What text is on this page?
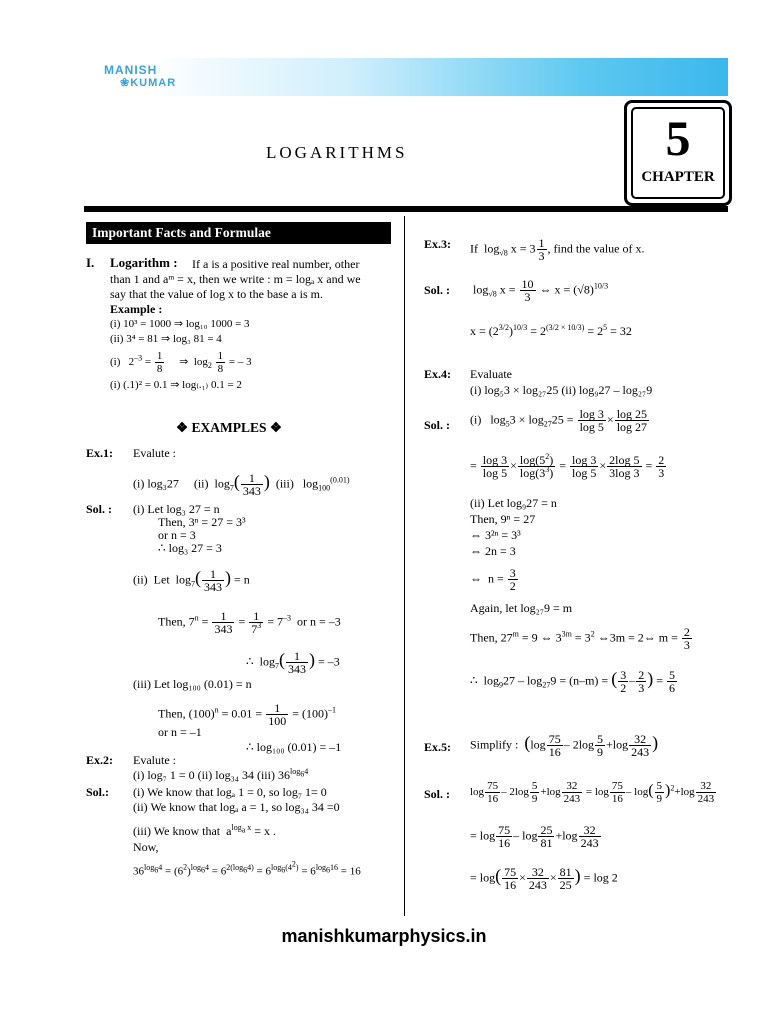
MANISH
❀KUMAR
LOGARITHMS	5
CHAPTER
Important Facts and Formulae
I. Logarithm : If a is a positive real number, other
than 1 and aᵐ = x, then we write : m = logₐ x and we
say that the value of log x to the base a is m.
Example :
(i) 10³ = 1000 ⇒ log₁₀ 1000 = 3
(ii) 3⁴ = 81 ⇒ log₃ 81 = 4
(i)   $2^{-3} = \frac{1}{8}$ ⇒  $\log_2 \frac{1}{8}$ = – 3
(i) (.1)² = 0.1 ⇒ log₍.₁₎ 0.1 = 2
❖ EXAMPLES ❖
Ex.1: Evalute :
(i) log₃27     (ii)  $\log_7( \frac{1}{343}$ )  (iii)   $\log_{100}^{(0.01)}$
Sol. : (i) Let log₃ 27 = n
Then, 3ⁿ = 27 = 3³
or n = 3
∴ log₃ 27 = 3
(ii)  Let  $\log_7( \frac{1}{343}$ ) = n
Then, $7^n = \frac{1}{343} = \frac{1}{7^3} = 7^{-3}$  or n = –3
∴  $\log_7( \frac{1}{343}$ ) = –3
(iii) Let log₁₀₀ (0.01) = n
Then, $(100)^n = 0.01 = \frac{1}{100} = (100)^{-1}$
or n = –1
∴ log₁₀₀ (0.01) = –1
Ex.2: Evalute :
(i) log₇ 1 = 0 (ii) log₃₄ 34 (iii) $36^{log_64}$
Sol.: (i) We know that logₐ 1 = 0, so log₇ 1= 0
(ii) We know that logₐ a = 1, so log₃₄ 34 =0
(iii) We know that  $a^{log_a x} = x$ .
Now,
$36^{log_64} = (6^2)^{log_64} = 6^{2(log_64)} = 6^{log_6(4^2)} = 6^{log_616} = 16$
Ex.3: If  $\log_{√8} x = 3 \frac{1}{3}$ , find the value of x.
Sol. : $\log_{√8} x = \frac{10}{3}$ ⇔ $x = (√8)^{10/3}$
$x = (2^{3/2})^{10/3} = 2^{(3/2 \times 10/3)} = 2^5 = 32$
Ex.4: Evaluate
(i) log₅3 × log₂₇25 (ii) log₉27 – log₂₇9
Sol. : (i)   $\log_53 \times \log_{27}25 = \frac{\log 3}{\log 5} \times \frac{\log 25}{\log 27}$
= $\frac{\log 3}{\log 5} \times \frac{\log(5^2)}{\log(3^3)} = \frac{\log 3}{\log 5} \times \frac{2\log 5}{3\log 3} = \frac{2}{3}$
(ii) Let log₉27 = n
Then, 9ⁿ = 27
⇔ 3²ⁿ = 3³
⇔ 2n = 3
⇔  $n = \frac{3}{2}$
Again, let log₂₇9 = m
Then, $27^m = 9$ ⇔ $3^{3m} = 3^2$ ⇔3m = 2⇔ $m = \frac{2}{3}$
∴  $\log_927 - \log_{27}9 = (n-m)$ = ( $\frac{3}{2} - \frac{2}{3}$ ) = $\frac{5}{6}$
Ex.5: Simplify : ($\log \frac{75}{16} - 2\log \frac{5}{9} +\log \frac{32}{243}$ )
Sol. : $\log \frac{75}{16} - 2\log \frac{5}{9} +\log \frac{32}{243} = \log \frac{75}{16} - \log( \frac{5}{9} )^2+\log \frac{32}{243}$
= $\log \frac{75}{16} - \log \frac{25}{81} +\log \frac{32}{243}$
= $\log( \frac{75}{16} \times \frac{32}{243} \times \frac{81}{25}$ ) = log 2
manishkumarphysics.in
